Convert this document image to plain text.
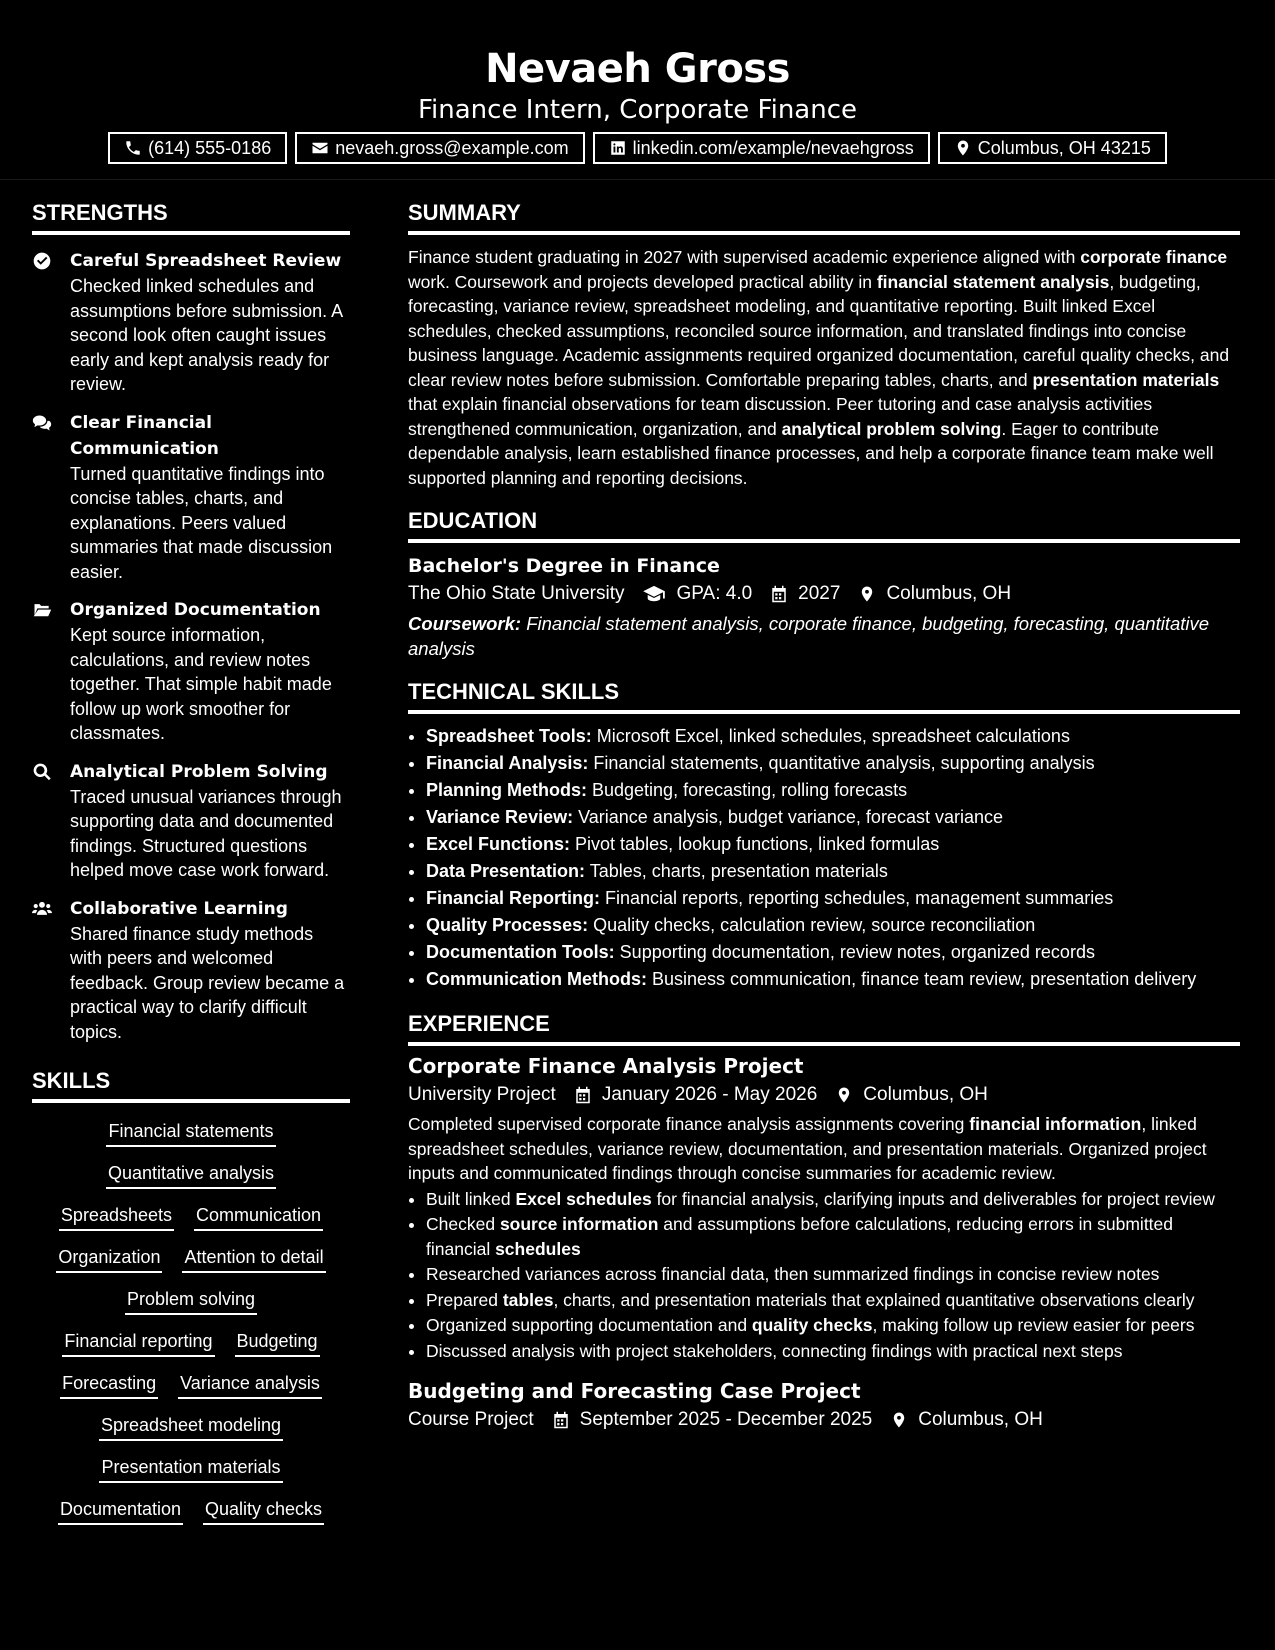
Nevaeh Gross
Finance Intern, Corporate Finance
(614) 555-0186	nevaeh.gross@example.com	linkedin.com/example/nevaehgross	Columbus, OH 43215
STRENGTHS
Careful Spreadsheet Review
Checked linked schedules and assumptions before submission. A second look often caught issues early and kept analysis ready for review.
Clear Financial Communication
Turned quantitative findings into concise tables, charts, and explanations. Peers valued summaries that made discussion easier.
Organized Documentation
Kept source information, calculations, and review notes together. That simple habit made follow up work smoother for classmates.
Analytical Problem Solving
Traced unusual variances through supporting data and documented findings. Structured questions helped move case work forward.
Collaborative Learning
Shared finance study methods with peers and welcomed feedback. Group review became a practical way to clarify difficult topics.
SKILLS
Financial statements
Quantitative analysis
Spreadsheets Communication
Organization Attention to detail
Problem solving
Financial reporting Budgeting
Forecasting Variance analysis
Spreadsheet modeling
Presentation materials
Documentation Quality checks
SUMMARY
Finance student graduating in 2027 with supervised academic experience aligned with corporate finance work. Coursework and projects developed practical ability in financial statement analysis, budgeting, forecasting, variance review, spreadsheet modeling, and quantitative reporting. Built linked Excel schedules, checked assumptions, reconciled source information, and translated findings into concise business language. Academic assignments required organized documentation, careful quality checks, and clear review notes before submission. Comfortable preparing tables, charts, and presentation materials that explain financial observations for team discussion. Peer tutoring and case analysis activities strengthened communication, organization, and analytical problem solving. Eager to contribute dependable analysis, learn established finance processes, and help a corporate finance team make well supported planning and reporting decisions.
EDUCATION
Bachelor's Degree in Finance
The Ohio State University	GPA: 4.0 2027 Columbus, OH
Coursework: Financial statement analysis, corporate finance, budgeting, forecasting, quantitative analysis
TECHNICAL SKILLS
• Spreadsheet Tools: Microsoft Excel, linked schedules, spreadsheet calculations
• Financial Analysis: Financial statements, quantitative analysis, supporting analysis
• Planning Methods: Budgeting, forecasting, rolling forecasts
• Variance Review: Variance analysis, budget variance, forecast variance
• Excel Functions: Pivot tables, lookup functions, linked formulas
• Data Presentation: Tables, charts, presentation materials
• Financial Reporting: Financial reports, reporting schedules, management summaries
• Quality Processes: Quality checks, calculation review, source reconciliation
• Documentation Tools: Supporting documentation, review notes, organized records
• Communication Methods: Business communication, finance team review, presentation delivery
EXPERIENCE
Corporate Finance Analysis Project
University Project January 2026 - May 2026 Columbus, OH
Completed supervised corporate finance analysis assignments covering financial information, linked spreadsheet schedules, variance review, documentation, and presentation materials. Organized project inputs and communicated findings through concise summaries for academic review.
• Built linked Excel schedules for financial analysis, clarifying inputs and deliverables for project review
• Checked source information and assumptions before calculations, reducing errors in submitted financial schedules
• Researched variances across financial data, then summarized findings in concise review notes
• Prepared tables, charts, and presentation materials that explained quantitative observations clearly
• Organized supporting documentation and quality checks, making follow up review easier for peers
• Discussed analysis with project stakeholders, connecting findings with practical next steps
Budgeting and Forecasting Case Project
Course Project September 2025 - December 2025 Columbus, OH
